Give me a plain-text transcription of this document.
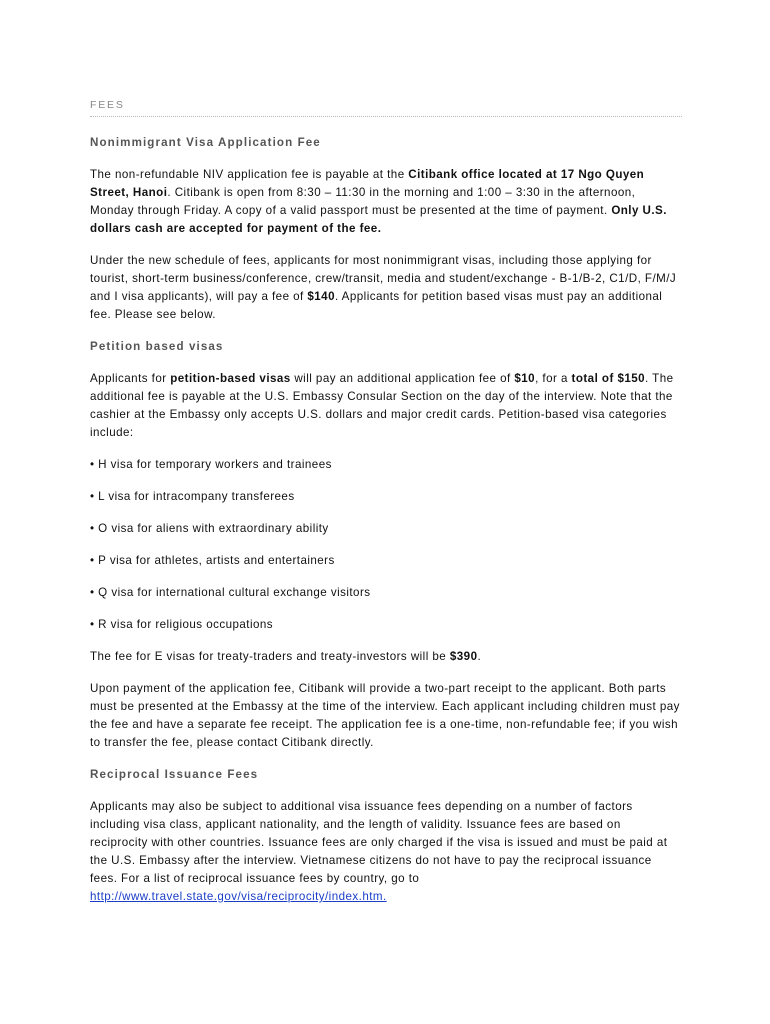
FEES
Nonimmigrant Visa Application Fee

The non-refundable NIV application fee is payable at the Citibank office located at 17 Ngo Quyen Street, Hanoi. Citibank is open from 8:30 – 11:30 in the morning and 1:00 – 3:30 in the afternoon, Monday through Friday. A copy of a valid passport must be presented at the time of payment. Only U.S. dollars cash are accepted for payment of the fee.

Under the new schedule of fees, applicants for most nonimmigrant visas, including those applying for tourist, short-term business/conference, crew/transit, media and student/exchange - B-1/B-2, C1/D, F/M/J and I visa applicants), will pay a fee of $140. Applicants for petition based visas must pay an additional fee. Please see below.

Petition based visas

Applicants for petition-based visas will pay an additional application fee of $10, for a total of $150. The additional fee is payable at the U.S. Embassy Consular Section on the day of the interview. Note that the cashier at the Embassy only accepts U.S. dollars and major credit cards. Petition-based visa categories include:

• H visa for temporary workers and trainees
• L visa for intracompany transferees
• O visa for aliens with extraordinary ability
• P visa for athletes, artists and entertainers
• Q visa for international cultural exchange visitors
• R visa for religious occupations

The fee for E visas for treaty-traders and treaty-investors will be $390.

Upon payment of the application fee, Citibank will provide a two-part receipt to the applicant. Both parts must be presented at the Embassy at the time of the interview. Each applicant including children must pay the fee and have a separate fee receipt. The application fee is a one-time, non-refundable fee; if you wish to transfer the fee, please contact Citibank directly.

Reciprocal Issuance Fees

Applicants may also be subject to additional visa issuance fees depending on a number of factors including visa class, applicant nationality, and the length of validity. Issuance fees are based on reciprocity with other countries. Issuance fees are only charged if the visa is issued and must be paid at the U.S. Embassy after the interview. Vietnamese citizens do not have to pay the reciprocal issuance fees. For a list of reciprocal issuance fees by country, go to http://www.travel.state.gov/visa/reciprocity/index.htm.
